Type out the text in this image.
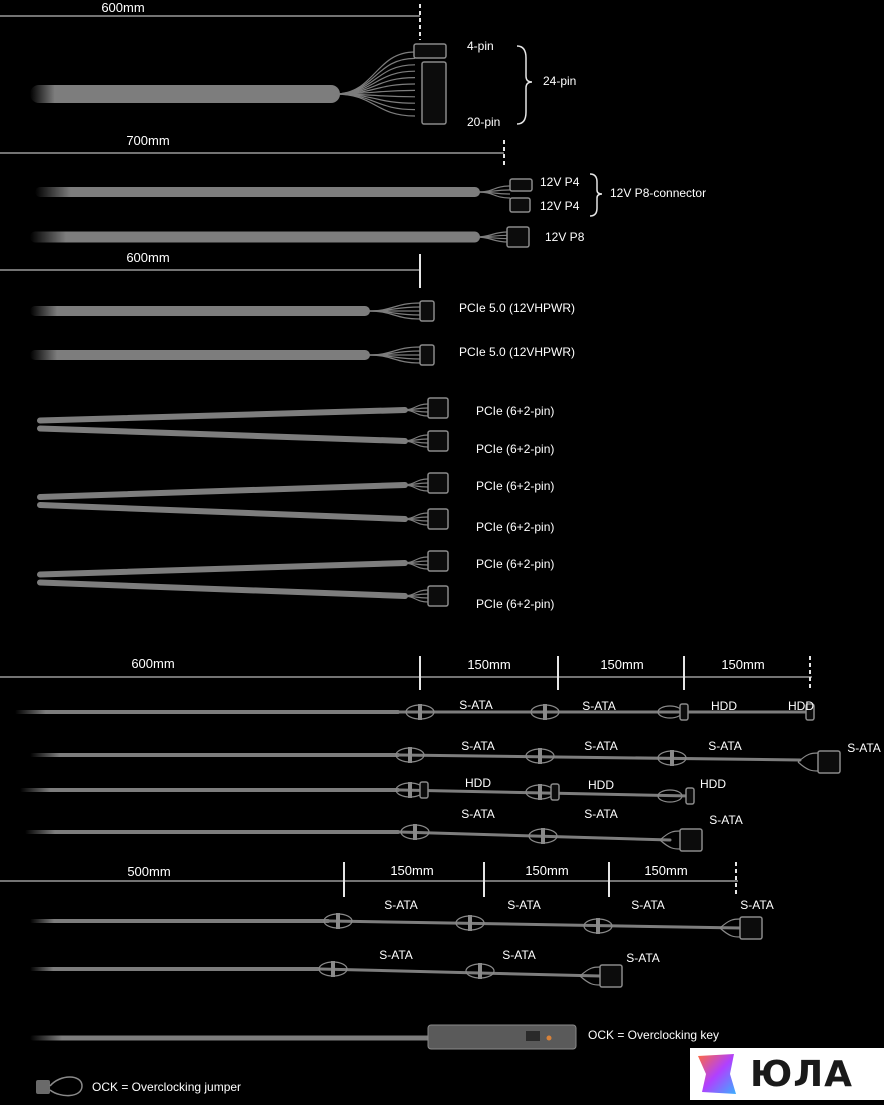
600mm
4-pin
20-pin
24-pin
700mm
12V P4
12V P4
12V P8-connector
12V P8
600mm
PCIe 5.0 (12VHPWR)
PCIe 5.0 (12VHPWR)
PCIe (6+2-pin)
PCIe (6+2-pin)
PCIe (6+2-pin)
PCIe (6+2-pin)
PCIe (6+2-pin)
PCIe (6+2-pin)
600mm	150mm	150mm	150mm
S-ATA	S-ATA	HDD	HDD
S-ATA	S-ATA	S-ATA	S-ATA
HDD	HDD	HDD
S-ATA	S-ATA	S-ATA
500mm	150mm	150mm	150mm
S-ATA	S-ATA	S-ATA	S-ATA
S-ATA	S-ATA	S-ATA
OCK = Overclocking key
OCK = Overclocking jumper	ЮЛА
